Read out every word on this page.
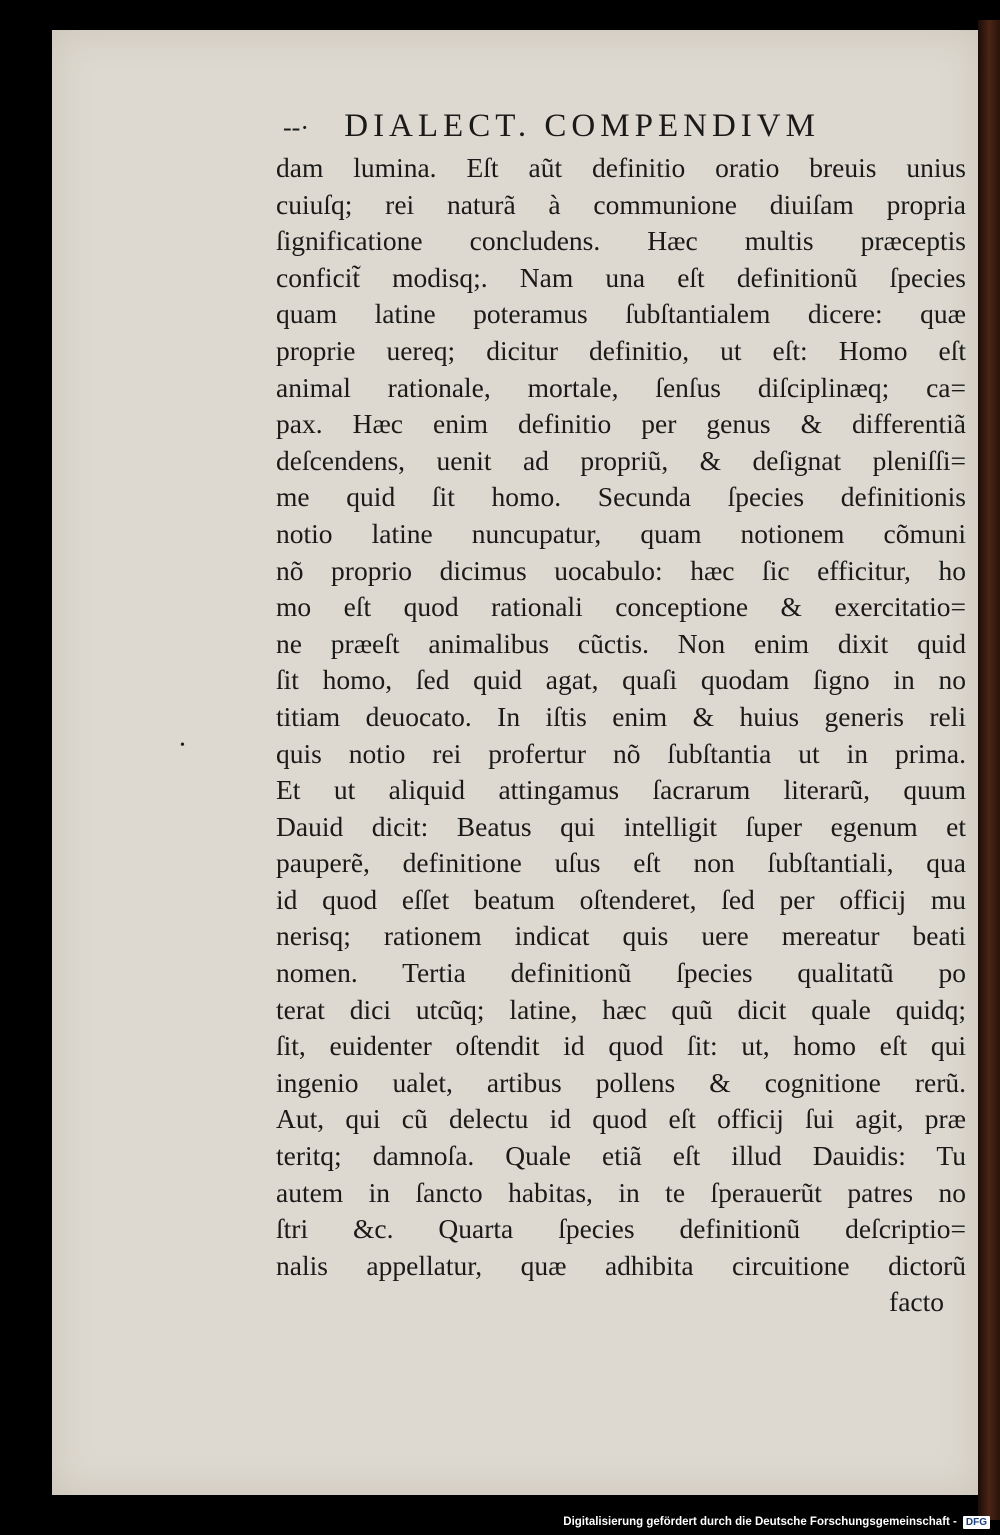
--· DIALECT. COMPENDIVM
•
dam lumina. Eſt aũt definitio oratio breuis unius
cuiuſq; rei naturã à communione diuiſam propria
ſignificatione concludens. Hæc multis præceptis
conficit̃ modisq;. Nam una eſt definitionũ ſpecies
quam latine poteramus ſubſtantialem dicere: quæ
proprie uereq; dicitur definitio, ut eſt: Homo eſt
animal rationale, mortale, ſenſus diſciplinæq; ca=
pax. Hæc enim definitio per genus & differentiã
deſcendens, uenit ad propriũ, & deſignat pleniſſi=
me quid ſit homo. Secunda ſpecies definitionis
notio latine nuncupatur, quam notionem cõmuni
nõ proprio dicimus uocabulo: hæc ſic efficitur, ho
mo eſt quod rationali conceptione & exercitatio=
ne præeſt animalibus cũctis. Non enim dixit quid
ſit homo, ſed quid agat, quaſi quodam ſigno in no
titiam deuocato. In iſtis enim & huius generis reli
quis notio rei profertur nõ ſubſtantia ut in prima.
Et ut aliquid attingamus ſacrarum literarũ, quum
Dauid dicit: Beatus qui intelligit ſuper egenum et
pauperẽ, definitione uſus eſt non ſubſtantiali, qua
id quod eſſet beatum oſtenderet, ſed per officij mu
nerisq; rationem indicat quis uere mereatur beati
nomen. Tertia definitionũ ſpecies qualitatũ po
terat dici utcũq; latine, hæc quũ dicit quale quidq;
ſit, euidenter oſtendit id quod ſit: ut, homo eſt qui
ingenio ualet, artibus pollens & cognitione rerũ.
Aut, qui cũ delectu id quod eſt officij ſui agit, præ
teritq; damnoſa. Quale etiã eſt illud Dauidis: Tu
autem in ſancto habitas, in te ſperauerũt patres no
ſtri &c. Quarta ſpecies definitionũ deſcriptio=
nalis appellatur, quæ adhibita circuitione dictorũ
facto
Digitalisierung gefördert durch die Deutsche Forschungsgemeinschaft - DFG
